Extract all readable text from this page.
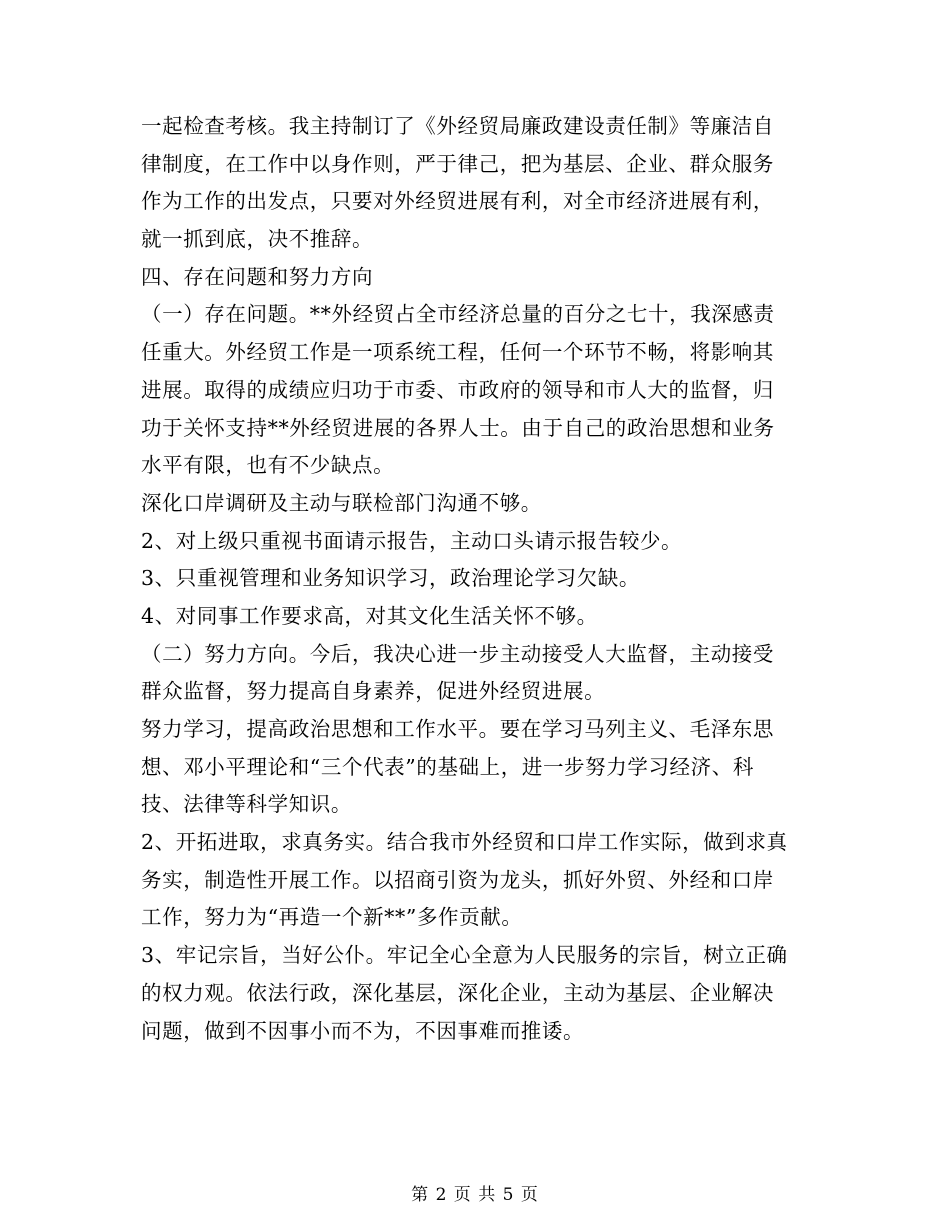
一起检查考核。我主持制订了《外经贸局廉政建设责任制》等廉洁自
律制度，在工作中以身作则，严于律己，把为基层、企业、群众服务
作为工作的出发点，只要对外经贸进展有利，对全市经济进展有利，
就一抓到底，决不推辞。
四、存在问题和努力方向
（一）存在问题。**外经贸占全市经济总量的百分之七十，我深感责
任重大。外经贸工作是一项系统工程，任何一个环节不畅，将影响其
进展。取得的成绩应归功于市委、市政府的领导和市人大的监督，归
功于关怀支持**外经贸进展的各界人士。由于自己的政治思想和业务
水平有限，也有不少缺点。
深化口岸调研及主动与联检部门沟通不够。
2、对上级只重视书面请示报告，主动口头请示报告较少。
3、只重视管理和业务知识学习，政治理论学习欠缺。
4、对同事工作要求高，对其文化生活关怀不够。
（二）努力方向。今后，我决心进一步主动接受人大监督，主动接受
群众监督，努力提高自身素养，促进外经贸进展。
努力学习，提高政治思想和工作水平。要在学习马列主义、毛泽东思
想、邓小平理论和“三个代表”的基础上，进一步努力学习经济、科
技、法律等科学知识。
2、开拓进取，求真务实。结合我市外经贸和口岸工作实际，做到求真
务实，制造性开展工作。以招商引资为龙头，抓好外贸、外经和口岸
工作，努力为“再造一个新**”多作贡献。
3、牢记宗旨，当好公仆。牢记全心全意为人民服务的宗旨，树立正确
的权力观。依法行政，深化基层，深化企业，主动为基层、企业解决
问题，做到不因事小而不为，不因事难而推诿。
第 2 页 共 5 页
